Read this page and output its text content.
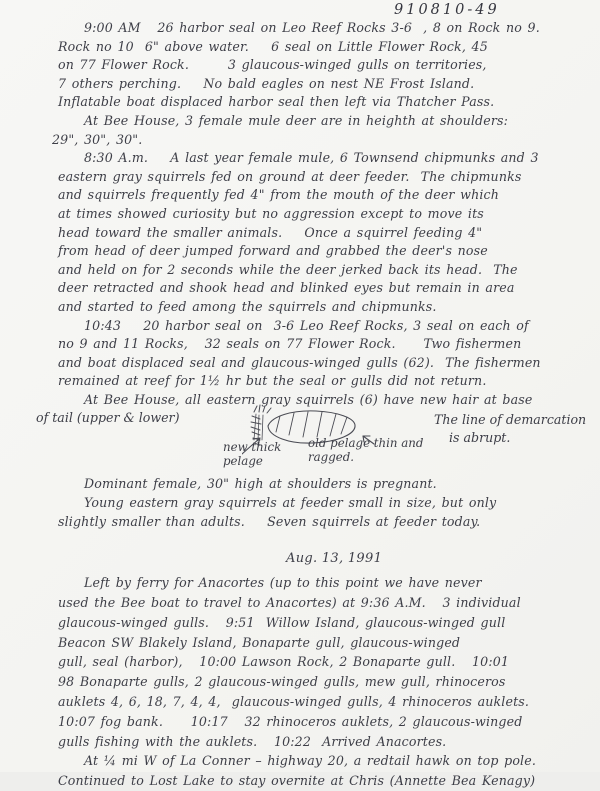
910810-49
9:00 AM   26 harbor seal on Leo Reef Rocks 3-6  , 8 on Rock no 9.
Rock no 10  6" above water.    6 seal on Little Flower Rock, 45
on 77 Flower Rock.       3 glaucous-winged gulls on territories,
7 others perching.    No bald eagles on nest NE Frost Island.
Inflatable boat displaced harbor seal then left via Thatcher Pass.
At Bee House, 3 female mule deer are in heighth at shoulders:
29", 30", 30".
8:30 A.m.    A last year female mule, 6 Townsend chipmunks and 3
eastern gray squirrels fed on ground at deer feeder.  The chipmunks
and squirrels frequently fed 4" from the mouth of the deer which
at times showed curiosity but no aggression except to move its
head toward the smaller animals.    Once a squirrel feeding 4"
from head of deer jumped forward and grabbed the deer's nose
and held on for 2 seconds while the deer jerked back its head.  The
deer retracted and shook head and blinked eyes but remain in area
and started to feed among the squirrels and chipmunks.
10:43    20 harbor seal on  3-6 Leo Reef Rocks, 3 seal on each of
no 9 and 11 Rocks,   32 seals on 77 Flower Rock.     Two fishermen
and boat displaced seal and glaucous-winged gulls (62).  The fishermen
remained at reef for 1½ hr but the seal or gulls did not return.
At Bee House, all eastern gray squirrels (6) have new hair at base
of tail (upper & lower)
new thick pelage
old pelage thin and ragged.
The line of demarcation
is abrupt.
Dominant female, 30" high at shoulders is pregnant.
Young eastern gray squirrels at feeder small in size, but only
slightly smaller than adults.    Seven squirrels at feeder today.
Aug. 13, 1991
Left by ferry for Anacortes (up to this point we have never
used the Bee boat to travel to Anacortes) at 9:36 A.M.   3 individual
glaucous-winged gulls.   9:51  Willow Island, glaucous-winged gull
Beacon SW Blakely Island, Bonaparte gull, glaucous-winged
gull, seal (harbor),   10:00 Lawson Rock, 2 Bonaparte gull.   10:01
98 Bonaparte gulls, 2 glaucous-winged gulls, mew gull, rhinoceros
auklets 4, 6, 18, 7, 4, 4,  glaucous-winged gulls, 4 rhinoceros auklets.
10:07 fog bank.     10:17   32 rhinoceros auklets, 2 glaucous-winged
gulls fishing with the auklets.   10:22  Arrived Anacortes.
At ¼ mi W of La Conner – highway 20, a redtail hawk on top pole.
Continued to Lost Lake to stay overnite at Chris (Annette Bea Kenagy)
